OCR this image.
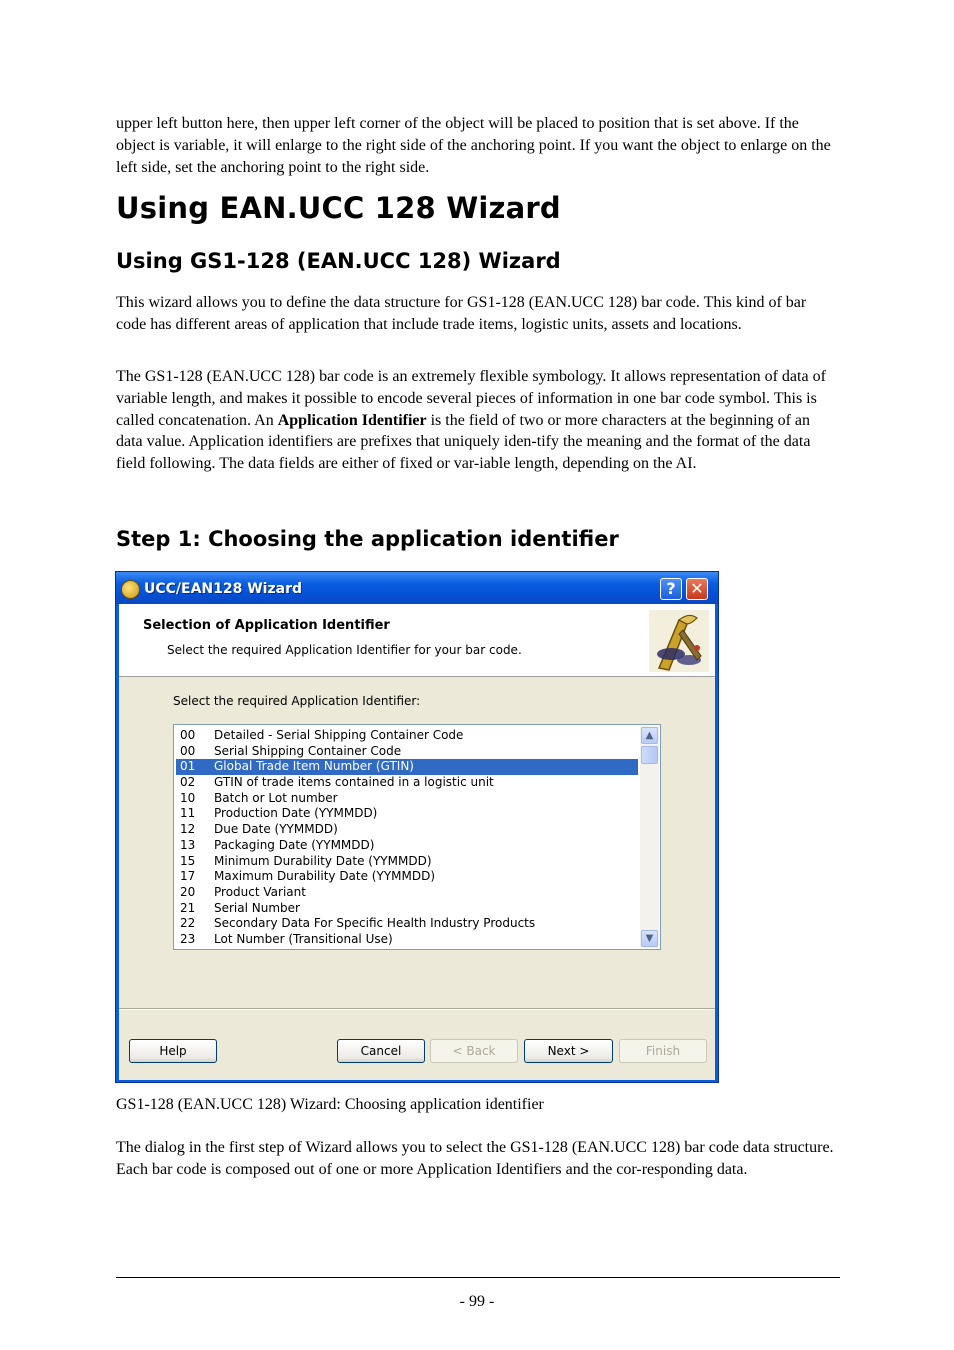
upper left button here, then upper left corner of the object will be placed to position that is set above. If the object is variable, it will enlarge to the right side of the anchoring point. If you want the object to enlarge on the left side, set the anchoring point to the right side.

Using EAN.UCC 128 Wizard
Using GS1-128 (EAN.UCC 128) Wizard

This wizard allows you to define the data structure for GS1-128 (EAN.UCC 128) bar code. This kind of bar code has different areas of application that include trade items, logistic units, assets and locations.

The GS1-128 (EAN.UCC 128) bar code is an extremely flexible symbology. It allows representation of data of variable length, and makes it possible to encode several pieces of information in one bar code symbol. This is called concatenation. An Application Identifier is the field of two or more characters at the beginning of an data value. Application identifiers are prefixes that uniquely iden-tify the meaning and the format of the data field following. The data fields are either of fixed or var-iable length, depending on the AI.

Step 1: Choosing the application identifier
UCC/EAN128 Wizard	? ✕
Selection of Application Identifier
Select the required Application Identifier for your bar code.
Select the required Application Identifier:
00 Detailed - Serial Shipping Container Code
00 Serial Shipping Container Code
01 Global Trade Item Number (GTIN)
02 GTIN of trade items contained in a logistic unit
10 Batch or Lot number
11 Production Date (YYMMDD)
12 Due Date (YYMMDD)
13 Packaging Date (YYMMDD)
15 Minimum Durability Date (YYMMDD)
17 Maximum Durability Date (YYMMDD)
20 Product Variant
21 Serial Number
22 Secondary Data For Specific Health Industry Products
23 Lot Number (Transitional Use)
▲
▼
Help	Cancel	< Back	Next >	Finish

GS1-128 (EAN.UCC 128) Wizard: Choosing application identifier

The dialog in the first step of Wizard allows you to select the GS1-128 (EAN.UCC 128) bar code data structure. Each bar code is composed out of one or more Application Identifiers and the cor-responding data.

- 99 -
